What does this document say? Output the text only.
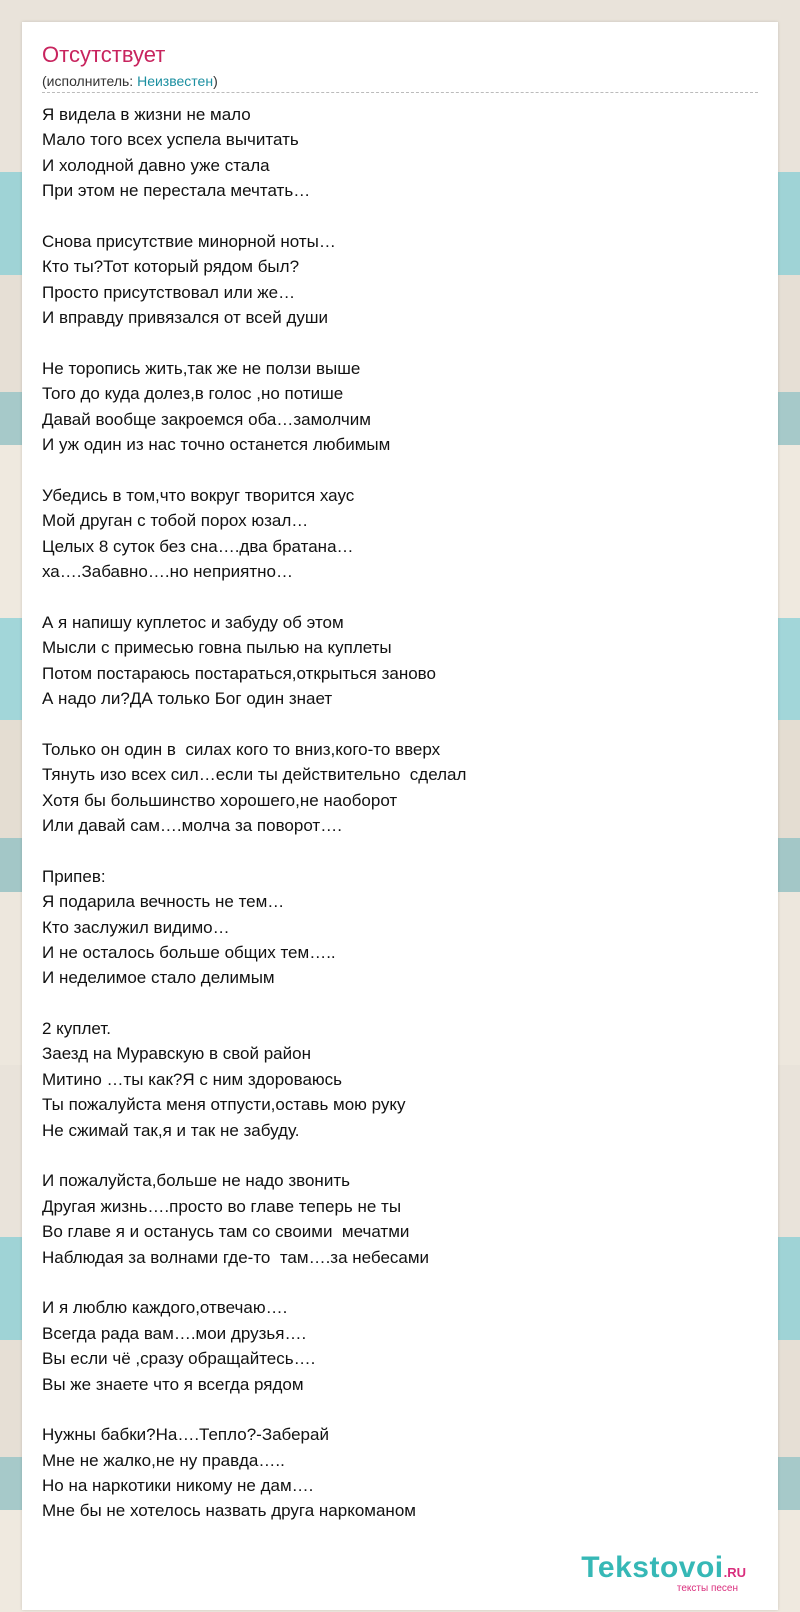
Отсутствует
(исполнитель: Неизвестен)
Я видела в жизни не мало
Мало того всех успела вычитать
И холодной давно уже стала
При этом не перестала мечтать…
Снова присутствие минорной ноты…
Кто ты?Тот который рядом был?
Просто присутствовал или же…
И вправду привязался от всей души
Не торопись жить,так же не ползи выше
Того до куда долез,в голос ,но потише
Давай вообще закроемся оба…замолчим
И уж один из нас точно останется любимым
Убедись в том,что вокруг творится хаус
Мой друган с тобой порох юзал…
Целых 8 суток без сна….два братана…
ха….Забавно….но неприятно…
А я напишу куплетос и забуду об этом
Мысли с примесью говна пылью на куплеты
Потом постараюсь постараться,открыться заново
А надо ли?ДА только Бог один знает
Только он один в  силах кого то вниз,кого-то вверх
Тянуть изо всех сил…если ты действительно  сделал
Хотя бы большинство хорошего,не наоборот
Или давай сам….молча за поворот….
Припев:
Я подарила вечность не тем…
Кто заслужил видимо…
И не осталось больше общих тем…..
И неделимое стало делимым
2 куплет.
Заезд на Муравскую в свой район
Митино …ты как?Я с ним здороваюсь
Ты пожалуйста меня отпусти,оставь мою руку
Не сжимай так,я и так не забуду.
И пожалуйста,больше не надо звонить
Другая жизнь….просто во главе теперь не ты
Во главе я и останусь там со своими  мечатми
Наблюдая за волнами где-то  там….за небесами
И я люблю каждого,отвечаю….
Всегда рада вам….мои друзья….
Вы если чё ,сразу обращайтесь….
Вы же знаете что я всегда рядом
Нужны бабки?На….Тепло?-Заберай
Мне не жалко,не ну правда…..
Но на наркотики никому не дам….
Мне бы не хотелось назвать друга наркоманом
Tekstovoi.RU
тексты песен
